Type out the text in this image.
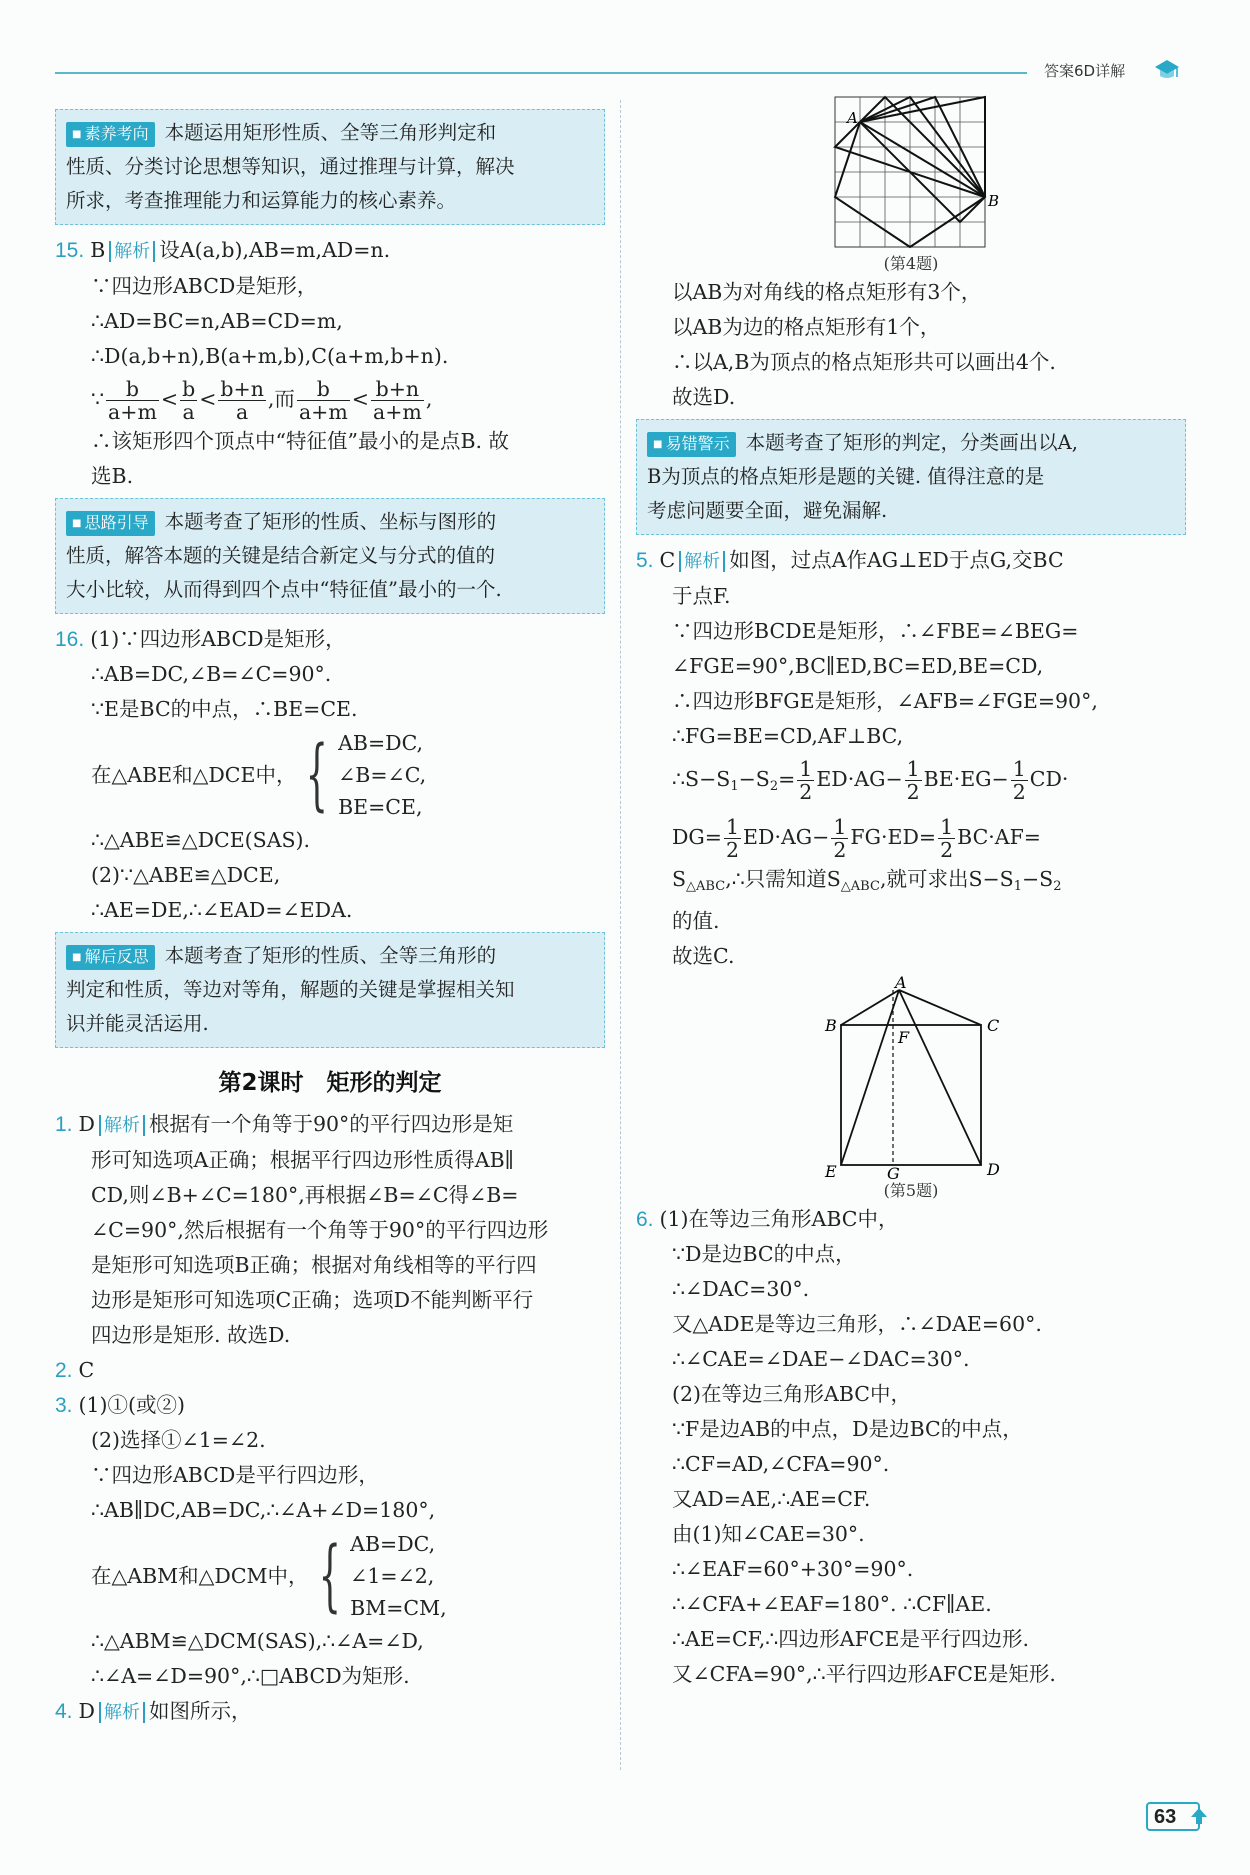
答案6D详解
■ 素养考向 本题运用矩形性质、全等三角形判定和
性质、分类讨论思想等知识，通过推理与计算，解决
所求，考查推理能力和运算能力的核心素养。
15. B 解析 设A(a,b),AB=m,AD=n.
∵四边形ABCD是矩形，
∴AD=BC=n,AB=CD=m,
∴D(a,b+n),B(a+m,b),C(a+m,b+n).
∵ $\frac{b}{a+m} < \frac{b}{a} < \frac{b+n}{a}$ ,而 $\frac{b}{a+m} < \frac{b+n}{a+m}$ ,
∴该矩形四个顶点中“特征值”最小的是点B. 故
选B.
■ 思路引导 本题考查了矩形的性质、坐标与图形的
性质，解答本题的关键是结合新定义与分式的值的
大小比较，从而得到四个点中“特征值”最小的一个.
16. (1)∵四边形ABCD是矩形，
∴AB=DC,∠B=∠C=90°.
∵E是BC的中点，∴BE=CE.
在△ABE和△DCE中， { AB=DC,
∠B=∠C,
BE=CE,
∴△ABE≌△DCE(SAS).
(2)∵△ABE≌△DCE,
∴AE=DE,∴∠EAD=∠EDA.
■ 解后反思 本题考查了矩形的性质、全等三角形的
判定和性质，等边对等角，解题的关键是掌握相关知
识并能灵活运用.
第2课时　矩形的判定
1. D 解析 根据有一个角等于90°的平行四边形是矩
形可知选项A正确；根据平行四边形性质得AB∥
CD,则∠B+∠C=180°,再根据∠B=∠C得∠B=
∠C=90°,然后根据有一个角等于90°的平行四边形
是矩形可知选项B正确；根据对角线相等的平行四
边形是矩形可知选项C正确；选项D不能判断平行
四边形是矩形. 故选D.
2. C
3. (1)①(或②)
(2)选择①∠1=∠2.
∵四边形ABCD是平行四边形，
∴AB∥DC,AB=DC,∴∠A+∠D=180°,
在△ABM和△DCM中， { AB=DC,
∠1=∠2,
BM=CM,
∴△ABM≌△DCM(SAS),∴∠A=∠D,
∴∠A=∠D=90°,∴□ABCD为矩形.
4. D 解析 如图所示，
A
B
(第4题)
以AB为对角线的格点矩形有3个，
以AB为边的格点矩形有1个，
∴以A,B为顶点的格点矩形共可以画出4个.
故选D.
■ 易错警示 本题考查了矩形的判定，分类画出以A,
B为顶点的格点矩形是题的关键. 值得注意的是
考虑问题要全面，避免漏解.
5. C 解析 如图，过点A作AG⊥ED于点G,交BC
于点F.
∵四边形BCDE是矩形，∴∠FBE=∠BEG=
∠FGE=90°,BC∥ED,BC=ED,BE=CD,
∴四边形BFGE是矩形，∠AFB=∠FGE=90°,
∴FG=BE=CD,AF⊥BC,
∴S−S1−S2= $\frac{1}{2} ED\cdot AG- \frac{1}{2} BE\cdot EG- \frac{1}{2} CD\cdot$
$DG= \frac{1}{2} ED\cdot AG- \frac{1}{2} FG\cdot ED= \frac{1}{2} BC\cdot AF=$
S△ABC,∴只需知道S△ABC,就可求出S−S1−S2
的值.
故选C.
A
B	C
D
E
F
G
(第5题)
6. (1)在等边三角形ABC中，
∵D是边BC的中点，
∴∠DAC=30°.
又△ADE是等边三角形，∴∠DAE=60°.
∴∠CAE=∠DAE−∠DAC=30°.
(2)在等边三角形ABC中，
∵F是边AB的中点，D是边BC的中点，
∴CF=AD,∠CFA=90°.
又AD=AE,∴AE=CF.
由(1)知∠CAE=30°.
∴∠EAF=60°+30°=90°.
∴∠CFA+∠EAF=180°. ∴CF∥AE.
∴AE=CF,∴四边形AFCE是平行四边形.
又∠CFA=90°,∴平行四边形AFCE是矩形.
63
